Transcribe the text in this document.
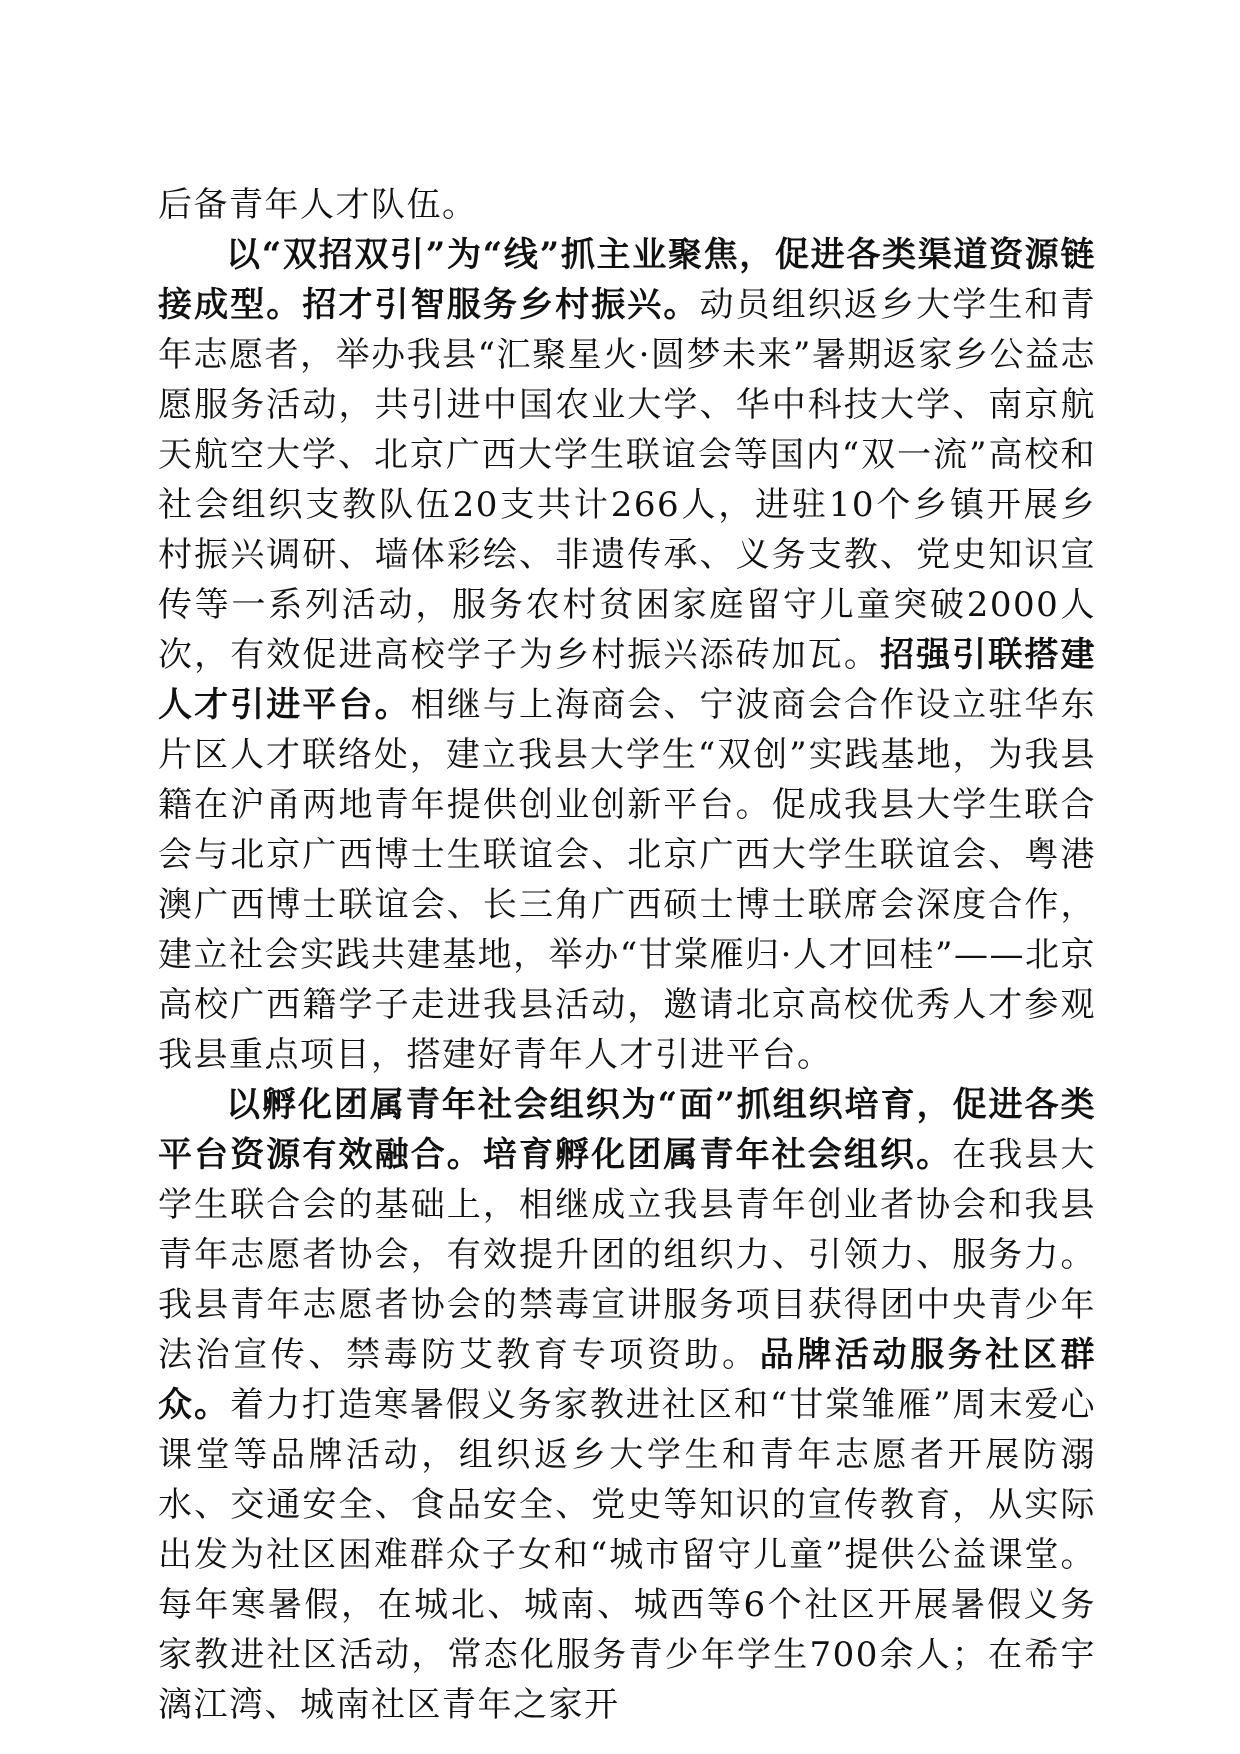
后备青年人才队伍。

以“双招双引”为“线”抓主业聚焦，促进各类渠道资源链接成型。招才引智服务乡村振兴。动员组织返乡大学生和青年志愿者，举办我县“汇聚星火·圆梦未来”暑期返家乡公益志愿服务活动，共引进中国农业大学、华中科技大学、南京航天航空大学、北京广西大学生联谊会等国内“双一流”高校和社会组织支教队伍20支共计266人，进驻10个乡镇开展乡村振兴调研、墙体彩绘、非遗传承、义务支教、党史知识宣传等一系列活动，服务农村贫困家庭留守儿童突破2000人次，有效促进高校学子为乡村振兴添砖加瓦。招强引联搭建人才引进平台。相继与上海商会、宁波商会合作设立驻华东片区人才联络处，建立我县大学生“双创”实践基地，为我县籍在沪甬两地青年提供创业创新平台。促成我县大学生联合会与北京广西博士生联谊会、北京广西大学生联谊会、粤港澳广西博士联谊会、长三角广西硕士博士联席会深度合作，建立社会实践共建基地，举办“甘棠雁归·人才回桂”——北京高校广西籍学子走进我县活动，邀请北京高校优秀人才参观我县重点项目，搭建好青年人才引进平台。

以孵化团属青年社会组织为“面”抓组织培育，促进各类平台资源有效融合。培育孵化团属青年社会组织。在我县大学生联合会的基础上，相继成立我县青年创业者协会和我县青年志愿者协会，有效提升团的组织力、引领力、服务力。我县青年志愿者协会的禁毒宣讲服务项目获得团中央青少年法治宣传、禁毒防艾教育专项资助。品牌活动服务社区群众。着力打造寒暑假义务家教进社区和“甘棠雏雁”周末爱心课堂等品牌活动，组织返乡大学生和青年志愿者开展防溺水、交通安全、食品安全、党史等知识的宣传教育，从实际出发为社区困难群众子女和“城市留守儿童”提供公益课堂。每年寒暑假，在城北、城南、城西等6个社区开展暑假义务家教进社区活动，常态化服务青少年学生700余人；在希宇漓江湾、城南社区青年之家开
